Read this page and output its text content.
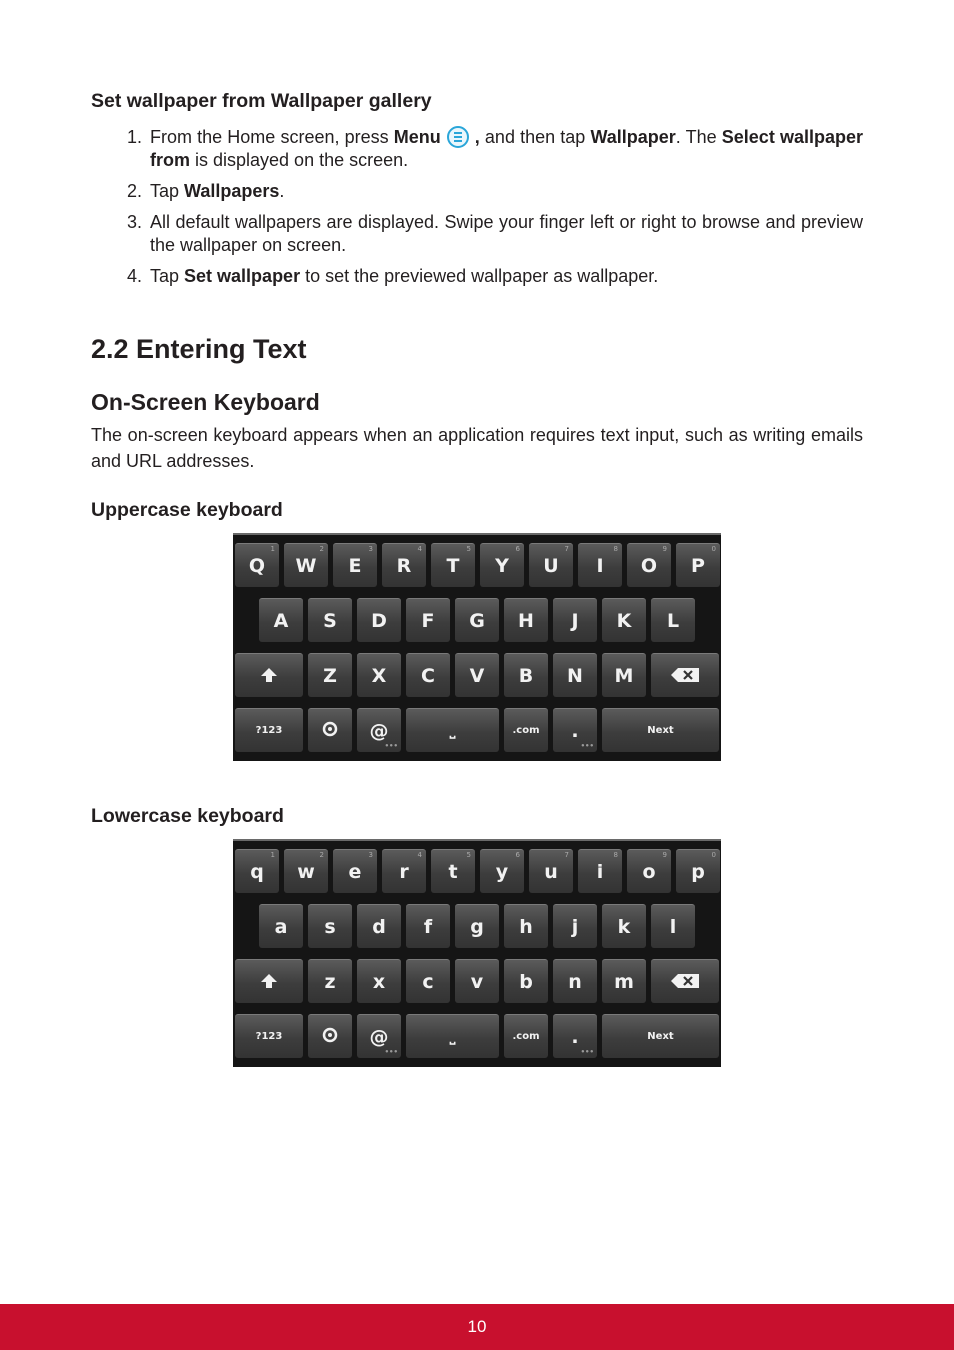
Set wallpaper from Wallpaper gallery
1. From the Home screen, press Menu , and then tap Wallpaper. The Select wallpaper from is displayed on the screen.
2. Tap Wallpapers.
3. All default wallpapers are displayed. Swipe your finger left or right to browse and preview the wallpaper on screen.
4. Tap Set wallpaper to set the previewed wallpaper as wallpaper.
2.2 Entering Text
On-Screen Keyboard

The on-screen keyboard appears when an application requires text input, such as writing emails and URL addresses.

Uppercase keyboard
Q
1
W
2
E
3
R
4
T
5
Y
6
U
7
I
8
O
9
P
0
A S D F G H J K L
Z X C V B N M
?123	@
•••
⎵	.com .
•••
Next
Lowercase keyboard
q
1
w
2
e
3
r
4
t
5
y
6
u
7
i
8
o
9
p
0
a s d f g h j k l
z x c v b n m
?123	@
•••
⎵	.com .
•••
Next
10
